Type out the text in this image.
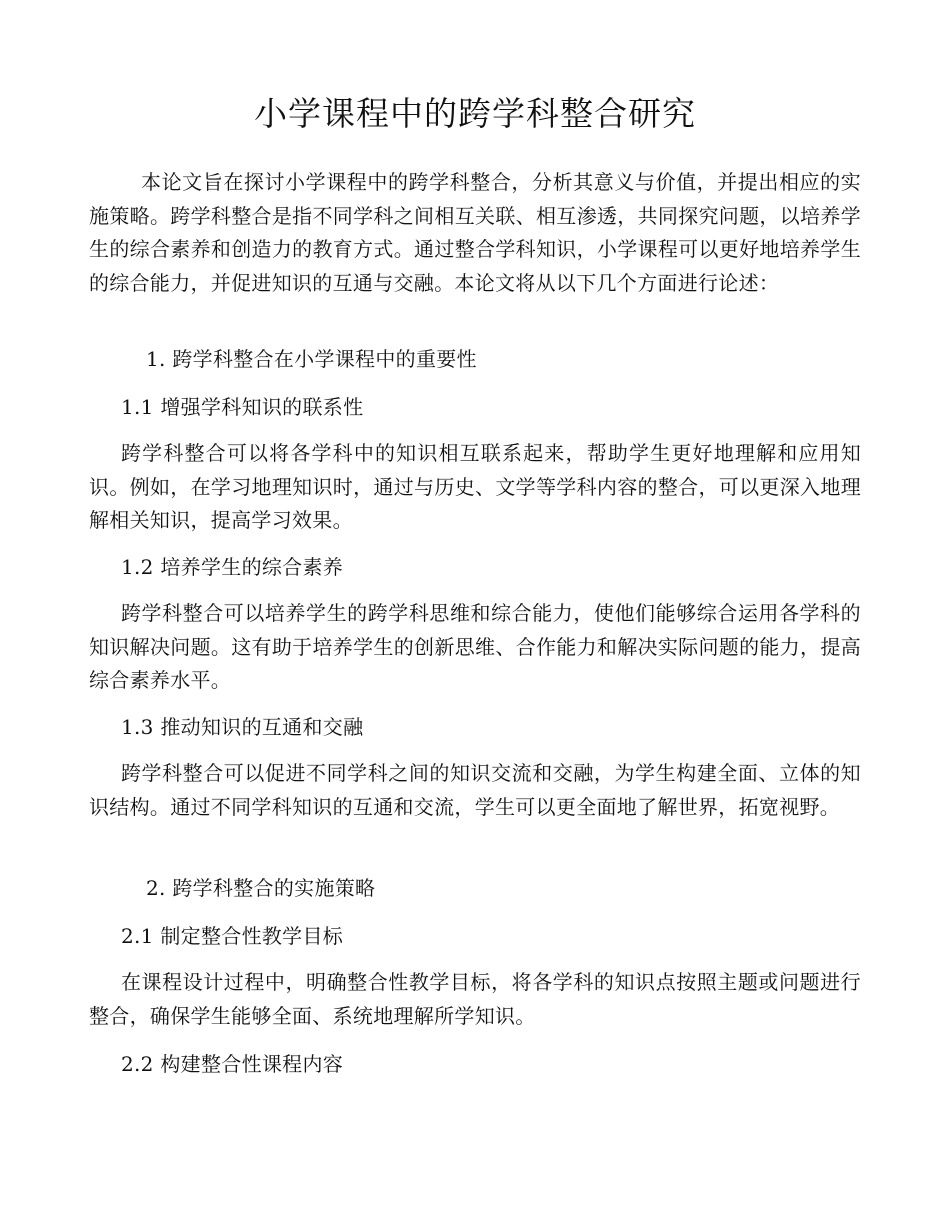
小学课程中的跨学科整合研究
本论文旨在探讨小学课程中的跨学科整合，分析其意义与价值，并提出相应的实施策略。跨学科整合是指不同学科之间相互关联、相互渗透，共同探究问题，以培养学生的综合素养和创造力的教育方式。通过整合学科知识，小学课程可以更好地培养学生的综合能力，并促进知识的互通与交融。本论文将从以下几个方面进行论述：
1. 跨学科整合在小学课程中的重要性
1.1 增强学科知识的联系性
跨学科整合可以将各学科中的知识相互联系起来，帮助学生更好地理解和应用知识。例如，在学习地理知识时，通过与历史、文学等学科内容的整合，可以更深入地理解相关知识，提高学习效果。
1.2 培养学生的综合素养
跨学科整合可以培养学生的跨学科思维和综合能力，使他们能够综合运用各学科的知识解决问题。这有助于培养学生的创新思维、合作能力和解决实际问题的能力，提高综合素养水平。
1.3 推动知识的互通和交融
跨学科整合可以促进不同学科之间的知识交流和交融，为学生构建全面、立体的知识结构。通过不同学科知识的互通和交流，学生可以更全面地了解世界，拓宽视野。
2. 跨学科整合的实施策略
2.1 制定整合性教学目标
在课程设计过程中，明确整合性教学目标，将各学科的知识点按照主题或问题进行整合，确保学生能够全面、系统地理解所学知识。
2.2 构建整合性课程内容
